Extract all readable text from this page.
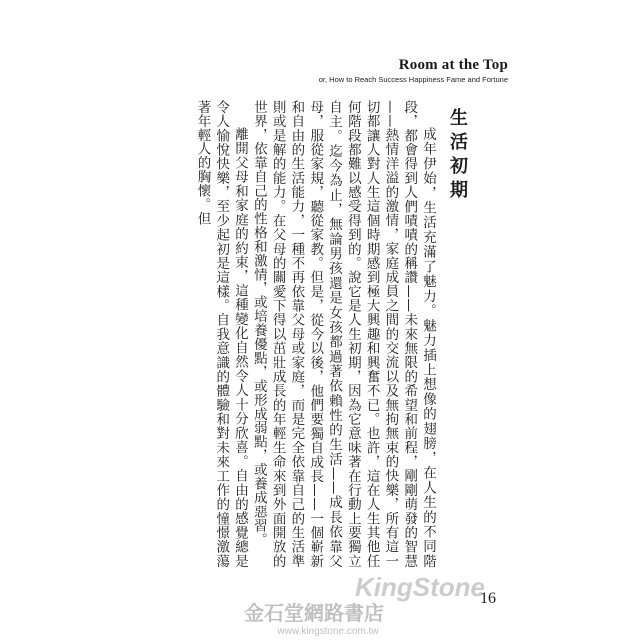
Room at the Top
or, How to Reach Success Happiness Fame and Fortune
生活初期

成年伊始，生活充滿了魅力。魅力插上想像的翅膀，在人生的不同階段，都會得到人們嘖嘖的稱讚——未來無限的希望和前程，剛剛萌發的智慧——熱情洋溢的激情，家庭成員之間的交流以及無拘無束的快樂，所有這一切都讓人對人生這個時期感到極大興趣和興奮不已。也許，這在人生其他任何階段都難以感受得到的。說它是人生初期，因為它意味著在行動上要獨立自主。迄今為止，無論男孩還是女孩都過著依賴性的生活——成長依靠父母，服從家規，聽從家教。但是，從今以後，他們要獨自成長——一個嶄新和自由的生活能力，一種不再依靠父母或家庭，而是完全依靠自己的生活準則或是解的能力。在父母的關愛下得以茁壯成長的年輕生命來到外面開放的世界，依靠自己的性格和激情，或培養優點，或形成弱點，或養成惡習。

離開父母和家庭的約束，這種變化自然令人十分欣喜。自由的感覺總是令人愉悅快樂，至少起初是這樣。自我意識的體驗和對未來工作的憧憬激蕩著年輕人的胸懷。但

KingStone
金石堂網路書店
www.kingstone.com.tw
16
